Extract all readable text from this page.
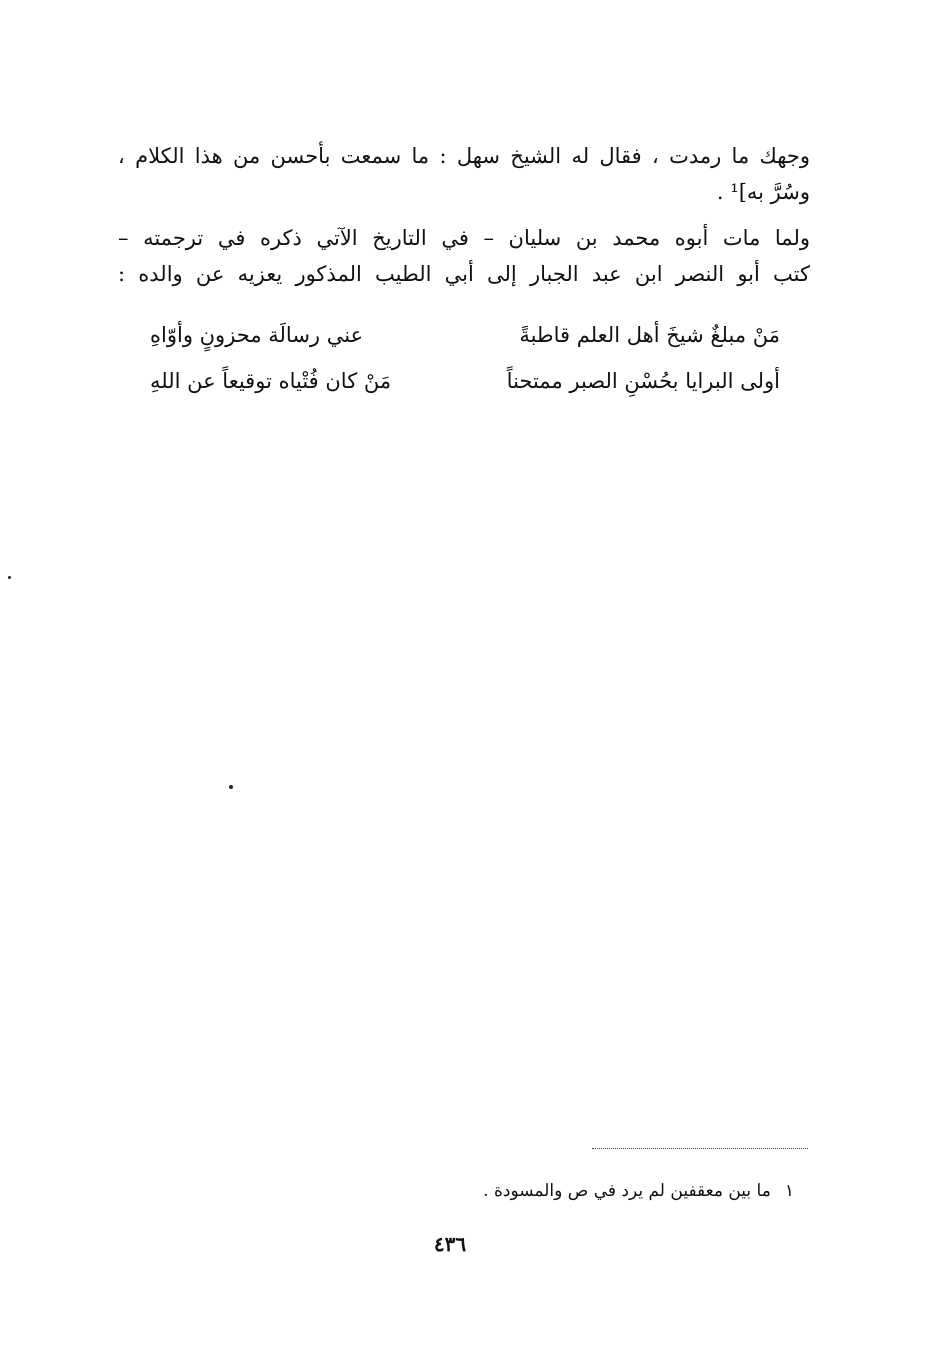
وجهك ما رمدت ، فقال له الشيخ سهل : ما سمعت بأحسن من هذا الكلام ،
وسُرَّ به]¹ .
ولما مات أبوه محمد بن سليان – في التاريخ الآتي ذكره في ترجمته –
كتب أبو النصر ابن عبد الجبار إلى أبي الطيب المذكور يعزيه عن والده :
مَنْ مبلغٌ شيخَ أهل العلم قاطبةً
عني رسالَة محزونٍ وأوّاهِ
أولى البرايا بحُسْنِ الصبر ممتحناً
مَنْ كان فُتْياه توقيعاً عن اللهِ
١ما بين معقفين لم يرد في ص والمسودة .
٤٣٦
